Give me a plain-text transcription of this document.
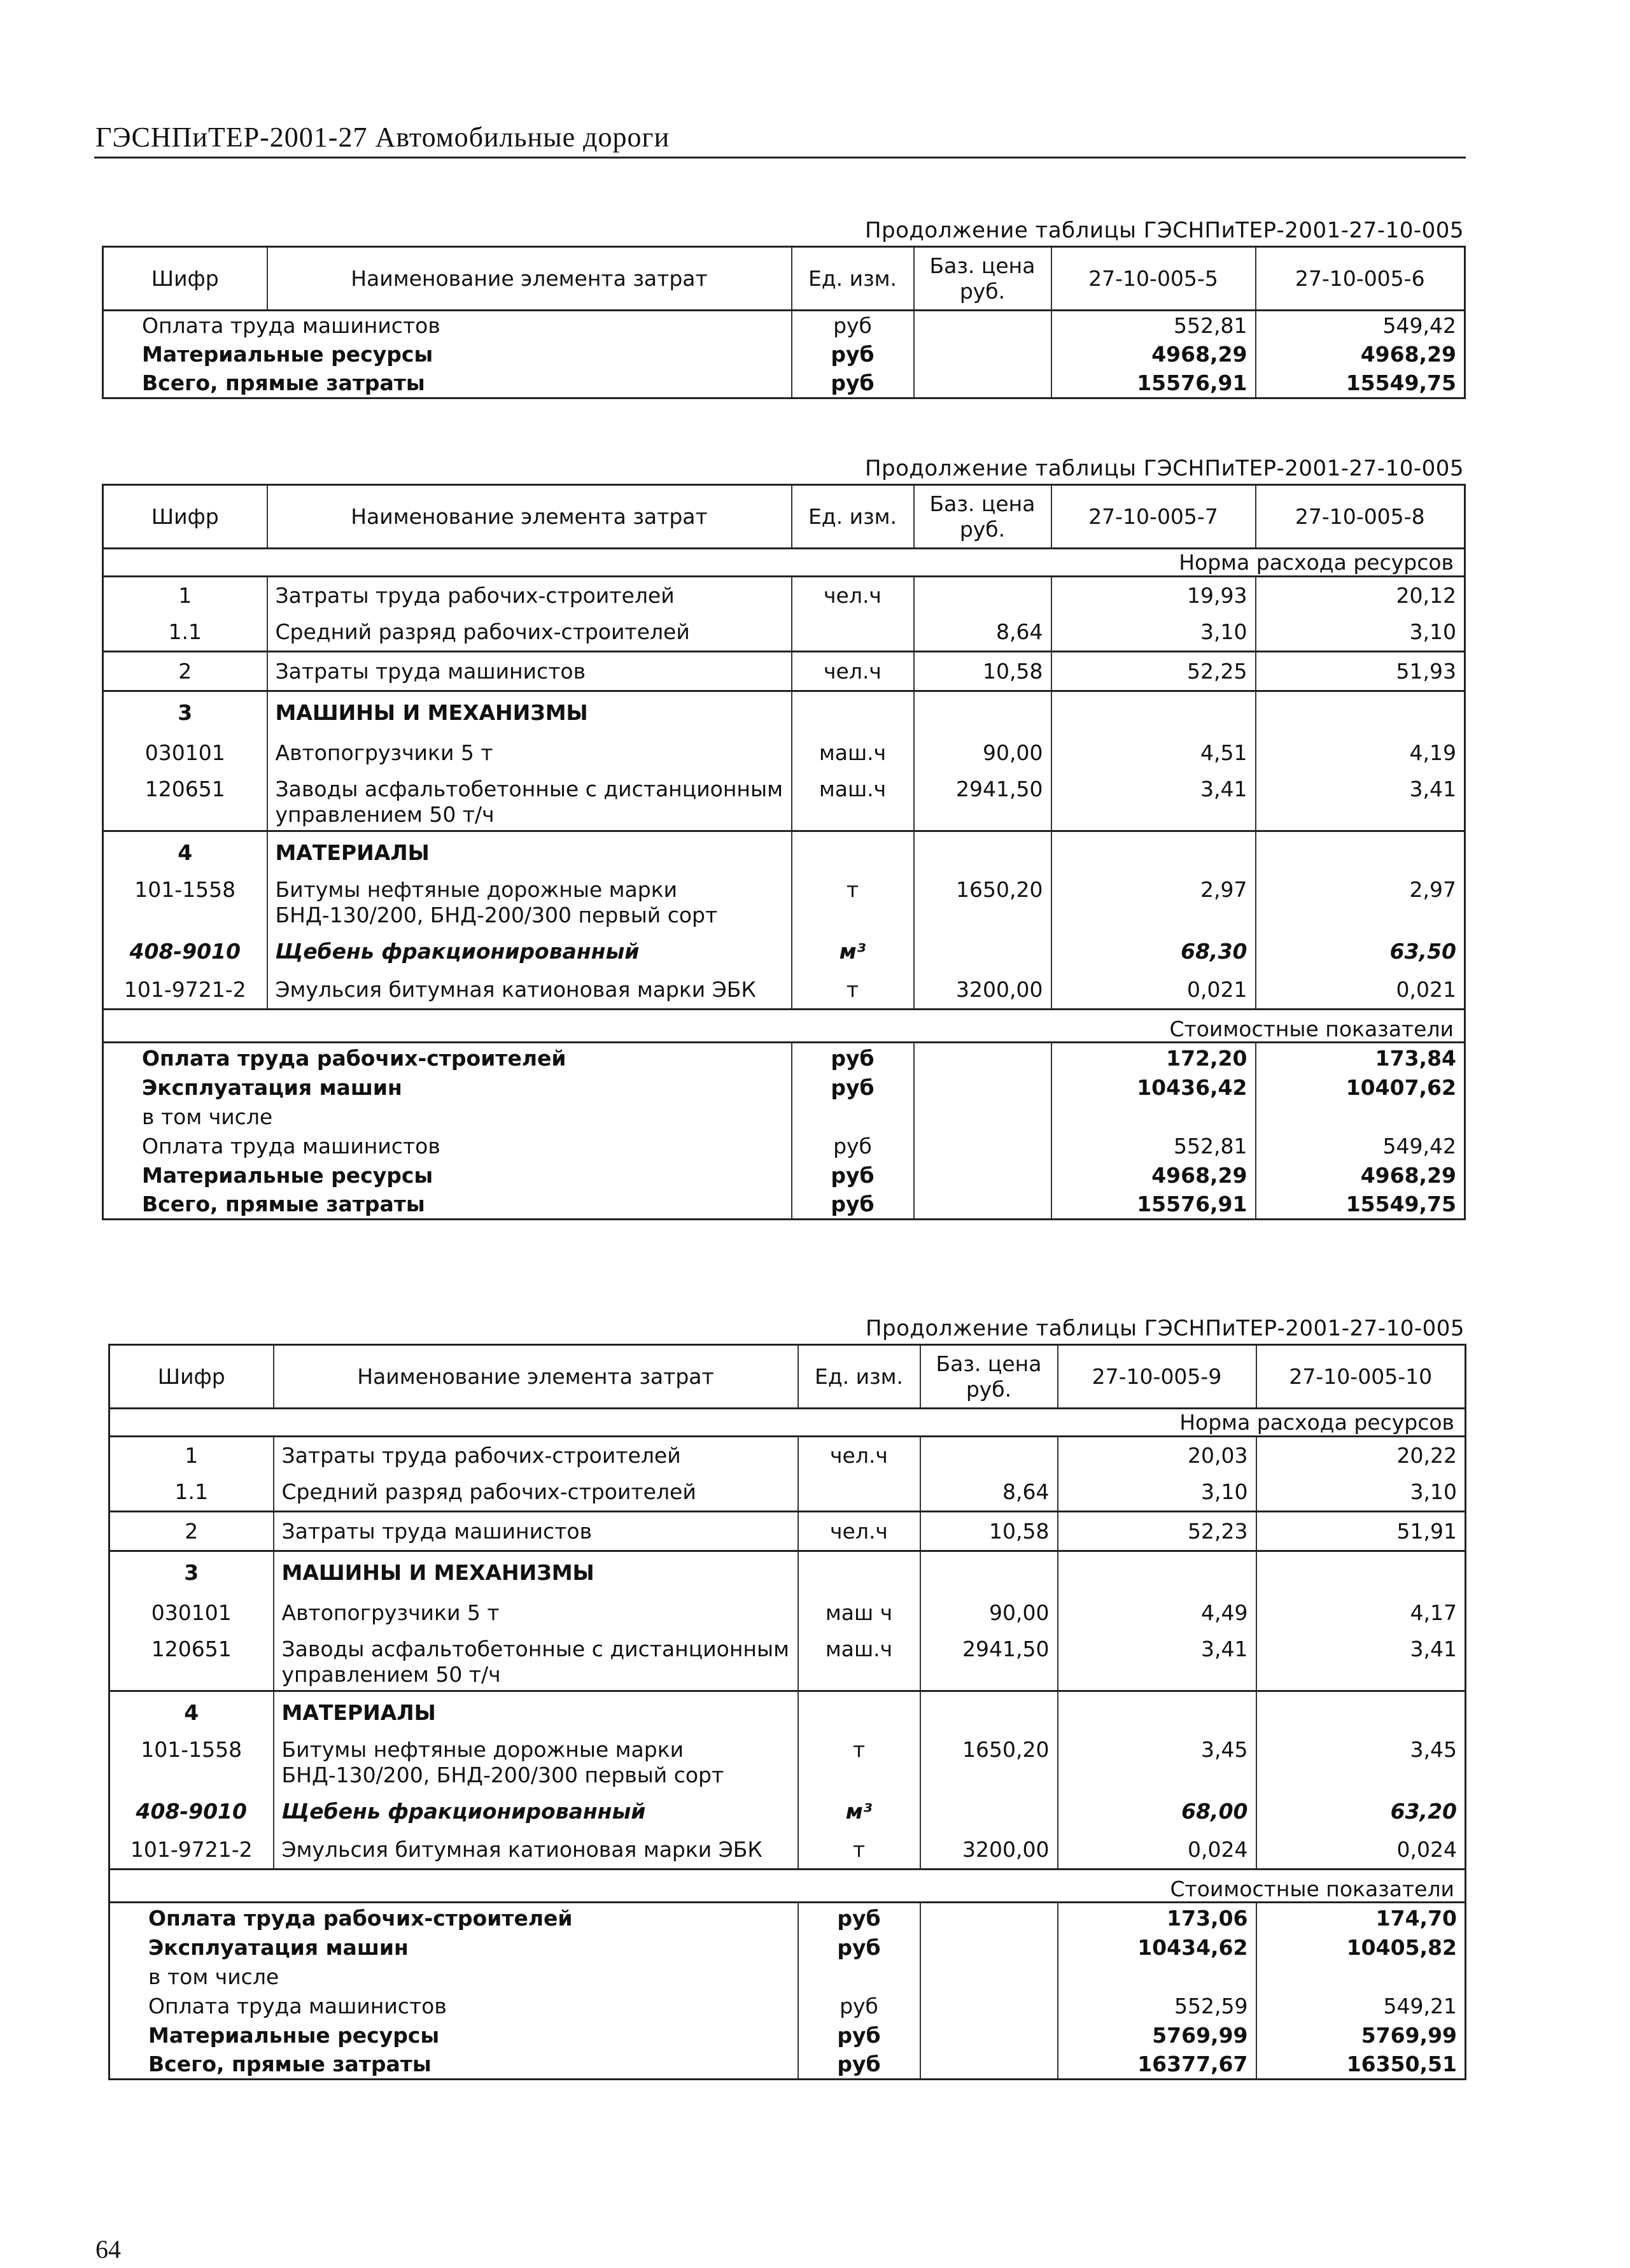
ГЭСНПиТЕР-2001-27 Автомобильные дороги
Продолжение таблицы ГЭСНПиТЕР-2001-27-10-005
Шифр	Наименование элемента затрат	Ед. изм.	Баз. цена руб.	27-10-005-5	27-10-005-6
Оплата труда машинистов		руб		552,81	549,42
Материальные ресурсы		руб		4968,29	4968,29
Всего, прямые затраты		руб		15576,91	15549,75
Продолжение таблицы ГЭСНПиТЕР-2001-27-10-005
Шифр	Наименование элемента затрат	Ед. изм.	Баз. цена руб.	27-10-005-7	27-10-005-8
Норма расхода ресурсов					
1	Затраты труда рабочих-строителей	чел.ч		19,93	20,12
1.1	Средний разряд рабочих-строителей		8,64	3,10	3,10
2	Затраты труда машинистов	чел.ч	10,58	52,25	51,93
3	МАШИНЫ И МЕХАНИЗМЫ				
030101	Автопогрузчики 5 т	маш.ч	90,00	4,51	4,19
120651	Заводы асфальтобетонные с дистанционным управлением 50 т/ч	маш.ч	2941,50	3,41	3,41
4	МАТЕРИАЛЫ				
101-1558	Битумы нефтяные дорожные марки БНД-130/200, БНД-200/300 первый сорт	т	1650,20	2,97	2,97
408-9010	Щебень фракционированный	м³		68,30	63,50
101-9721-2	Эмульсия битумная катионовая марки ЭБК	т	3200,00	0,021	0,021
Стоимостные показатели					
Оплата труда рабочих-строителей		руб		172,20	173,84
Эксплуатация машин		руб		10436,42	10407,62
в том числе					
Оплата труда машинистов		руб		552,81	549,42
Материальные ресурсы		руб		4968,29	4968,29
Всего, прямые затраты		руб		15576,91	15549,75
Продолжение таблицы ГЭСНПиТЕР-2001-27-10-005
Шифр	Наименование элемента затрат	Ед. изм.	Баз. цена руб.	27-10-005-9	27-10-005-10
Норма расхода ресурсов					
1	Затраты труда рабочих-строителей	чел.ч		20,03	20,22
1.1	Средний разряд рабочих-строителей		8,64	3,10	3,10
2	Затраты труда машинистов	чел.ч	10,58	52,23	51,91
3	МАШИНЫ И МЕХАНИЗМЫ				
030101	Автопогрузчики 5 т	маш ч	90,00	4,49	4,17
120651	Заводы асфальтобетонные с дистанционным управлением 50 т/ч	маш.ч	2941,50	3,41	3,41
4	МАТЕРИАЛЫ				
101-1558	Битумы нефтяные дорожные марки БНД-130/200, БНД-200/300 первый сорт	т	1650,20	3,45	3,45
408-9010	Щебень фракционированный	м³		68,00	63,20
101-9721-2	Эмульсия битумная катионовая марки ЭБК	т	3200,00	0,024	0,024
Стоимостные показатели					
Оплата труда рабочих-строителей		руб		173,06	174,70
Эксплуатация машин		руб		10434,62	10405,82
в том числе					
Оплата труда машинистов		руб		552,59	549,21
Материальные ресурсы		руб		5769,99	5769,99
Всего, прямые затраты		руб		16377,67	16350,51
64
